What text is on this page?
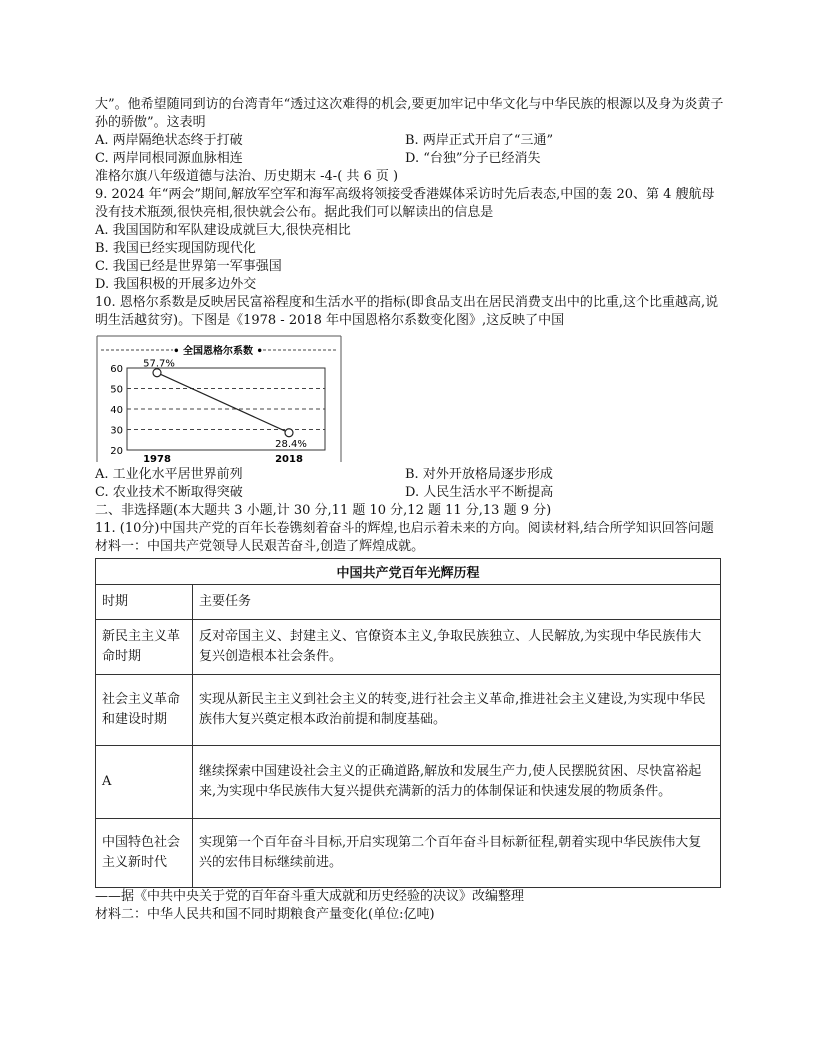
大”。他希望随同到访的台湾青年“透过这次难得的机会,要更加牢记中华文化与中华民族的根源以及身为炎黄子孙的骄傲”。这表明

A. 两岸隔绝状态终于打破	B. 两岸正式开启了“三通”
C. 两岸同根同源血脉相连	D. “台独”分子已经消失

准格尔旗八年级道德与法治、历史期末 -4-( 共 6 页 )

9. 2024 年“两会”期间,解放军空军和海军高级将领接受香港媒体采访时先后表态,中国的轰 20、第 4 艘航母没有技术瓶颈,很快亮相,很快就会公布。据此我们可以解读出的信息是

A. 我国国防和军队建设成就巨大,很快亮相比

B. 我国已经实现国防现代化

C. 我国已经是世界第一军事强国

D. 我国积极的开展多边外交

10. 恩格尔系数是反映居民富裕程度和生活水平的指标(即食品支出在居民消费支出中的比重,这个比重越高,说明生活越贫穷)。下图是《1978 - 2018 年中国恩格尔系数变化图》,这反映了中国

• 全国恩格尔系数 •
60
50
40
30
20
1978	2018
57.7%
28.4%
A. 工业化水平居世界前列	B. 对外开放格局逐步形成
C. 农业技术不断取得突破	D. 人民生活水平不断提高

二、非选择题(本大题共 3 小题,计 30 分,11 题 10 分,12 题 11 分,13 题 9 分)

11. (10分)中国共产党的百年长卷镌刻着奋斗的辉煌,也启示着未来的方向。阅读材料,结合所学知识回答问题

材料一：中国共产党领导人民艰苦奋斗,创造了辉煌成就。

中国共产党百年光辉历程	
时期	主要任务
新民主主义革命时期	反对帝国主义、封建主义、官僚资本主义,争取民族独立、人民解放,为实现中华民族伟大复兴创造根本社会条件。
社会主义革命和建设时期	实现从新民主主义到社会主义的转变,进行社会主义革命,推进社会主义建设,为实现中华民族伟大复兴奠定根本政治前提和制度基础。
A	继续探索中国建设社会主义的正确道路,解放和发展生产力,使人民摆脱贫困、尽快富裕起来,为实现中华民族伟大复兴提供充满新的活力的体制保证和快速发展的物质条件。
中国特色社会主义新时代	实现第一个百年奋斗目标,开启实现第二个百年奋斗目标新征程,朝着实现中华民族伟大复兴的宏伟目标继续前进。

——据《中共中央关于党的百年奋斗重大成就和历史经验的决议》改编整理

材料二：中华人民共和国不同时期粮食产量变化(单位:亿吨)
